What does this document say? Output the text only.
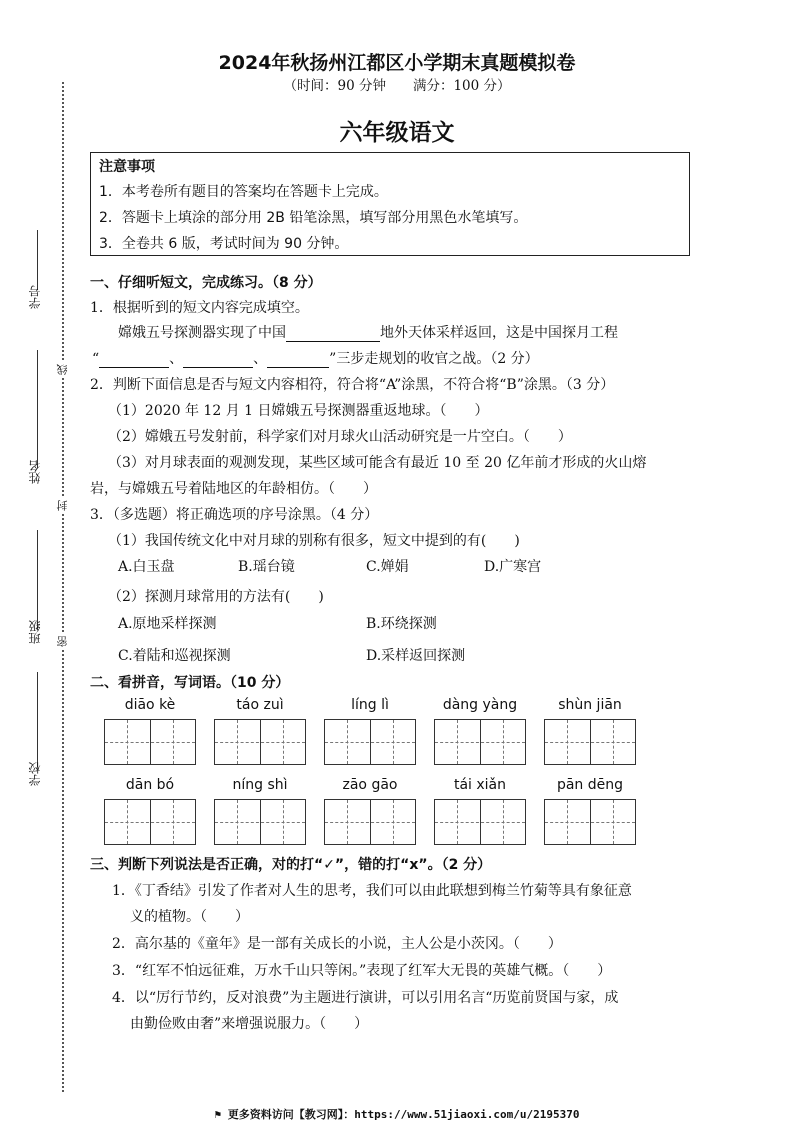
学号
姓名
班级
学校
线
封
密
2024年秋扬州江都区小学期末真题模拟卷
（时间：90 分钟　　满分：100 分）
六年级语文
注意事项
1．本考卷所有题目的答案均在答题卡上完成。
2．答题卡上填涂的部分用 2B 铅笔涂黑，填写部分用黑色水笔填写。
3．全卷共 6 版，考试时间为 90 分钟。
一、仔细听短文，完成练习。（8 分）
1．根据听到的短文内容完成填空。
嫦娥五号探测器实现了中国	地外天体采样返回，这是中国探月工程
“	、	、	”三步走规划的收官之战。（2 分）
2．判断下面信息是否与短文内容相符，符合将“A”涂黑，不符合将“B”涂黑。（3 分）
（1）2020 年 12 月 1 日嫦娥五号探测器重返地球。（　　）
（2）嫦娥五号发射前，科学家们对月球火山活动研究是一片空白。（　　）
（3）对月球表面的观测发现，某些区域可能含有最近 10 至 20 亿年前才形成的火山熔
岩，与嫦娥五号着陆地区的年龄相仿。（　　）
3．（多选题）将正确选项的序号涂黑。（4 分）
（1）我国传统文化中对月球的别称有很多，短文中提到的有(　　)
A.白玉盘	B.瑶台镜	C.婵娟	D.广寒宫
（2）探测月球常用的方法有(　　)
A.原地采样探测	B.环绕探测
C.着陆和巡视探测	D.采样返回探测
二、看拼音，写词语。（10 分）
diāo kè	táo zuì	líng lì	dàng yàng	shùn jiān
dān bó	níng shì	zāo gāo	tái xiǎn	pān dēng
三、判断下列说法是否正确，对的打“✓”，错的打“x”。（2 分）
1．《丁香结》引发了作者对人生的思考，我们可以由此联想到梅兰竹菊等具有象征意
义的植物。（　　）
2．高尔基的《童年》是一部有关成长的小说，主人公是小茨冈。（　　）
3．“红军不怕远征难，万水千山只等闲。”表现了红军大无畏的英雄气概。（　　）
4．以“厉行节约，反对浪费”为主题进行演讲，可以引用名言“历览前贤国与家，成
由勤俭败由奢”来增强说服力。（　　）
⚑ 更多资料访问【教习网】：https://www.51jiaoxi.com/u/2195370
